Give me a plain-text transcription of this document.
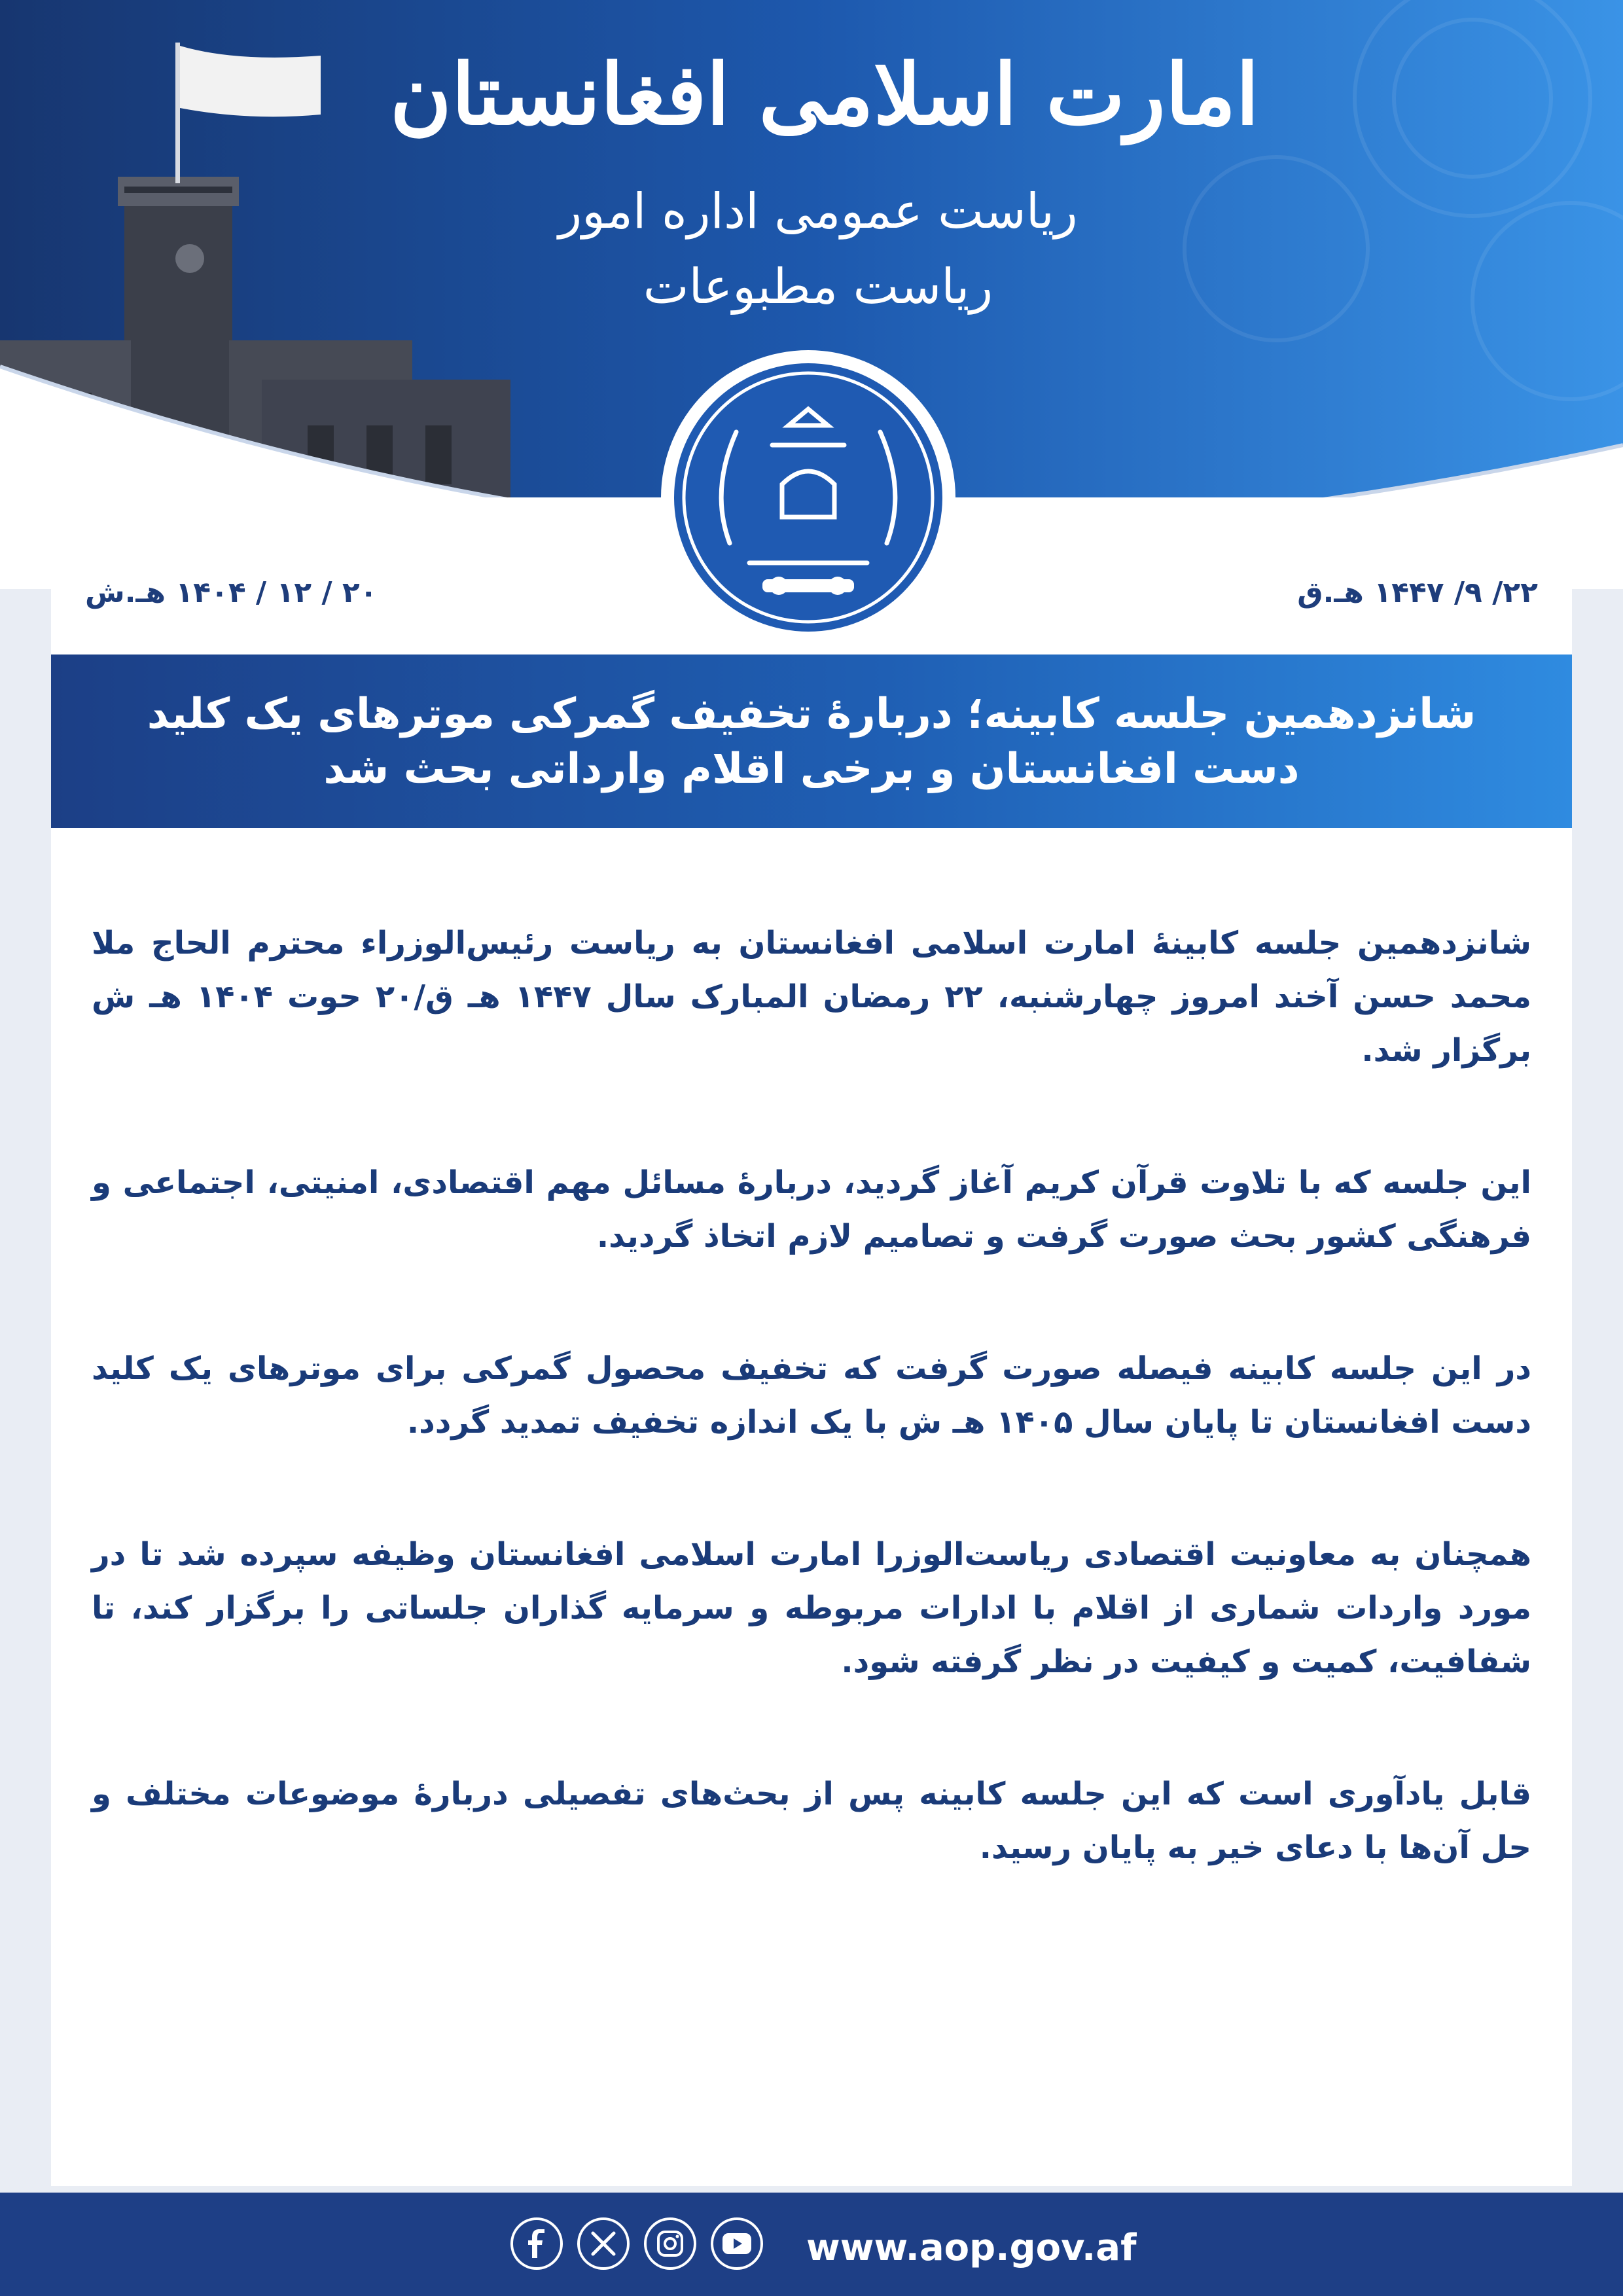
امارت اسلامی افغانستان
ریاست عمومی اداره امور
ریاست مطبوعات
۲۰ / ۱۲ / ۱۴۰۴ هـ.ش	۲۲/ ۹/ ۱۴۴۷ هـ.ق
شانزدهمین جلسه کابینه؛ دربارۀ تخفیف گمرکی موترهای یک کلید دست افغانستان و برخی اقلام وارداتی بحث شد

شانزدهمین جلسه کابینۀ امارت اسلامی افغانستان به ریاست رئیس‌الوزراء محترم الحاج ملا محمد حسن آخند امروز چهارشنبه، ۲۲ رمضان المبارک سال ۱۴۴۷ هـ ق/۲۰ حوت ۱۴۰۴ هـ ش برگزار شد.

این جلسه که با تلاوت قرآن کریم آغاز گردید، دربارۀ مسائل مهم اقتصادی، امنیتی، اجتماعی و فرهنگی کشور بحث صورت گرفت و تصامیم لازم اتخاذ گردید.

در این جلسه کابینه فیصله صورت گرفت که تخفیف محصول گمرکی برای موترهای یک کلید دست افغانستان تا پایان سال ۱۴۰۵ هـ ش با یک اندازه تخفیف تمدید گردد.

همچنان به معاونیت اقتصادی ریاست‌الوزرا امارت اسلامی افغانستان وظیفه سپرده شد تا در مورد واردات شماری از اقلام با ادارات مربوطه و سرمایه گذاران جلساتی را برگزار کند، تا شفافیت، کمیت و کیفیت در نظر گرفته شود.

قابل یادآوری است که این جلسه کابینه پس از بحث‌های تفصیلی دربارۀ موضوعات مختلف و حل آن‌ها با دعای خیر به پایان رسید.

www.aop.gov.af
